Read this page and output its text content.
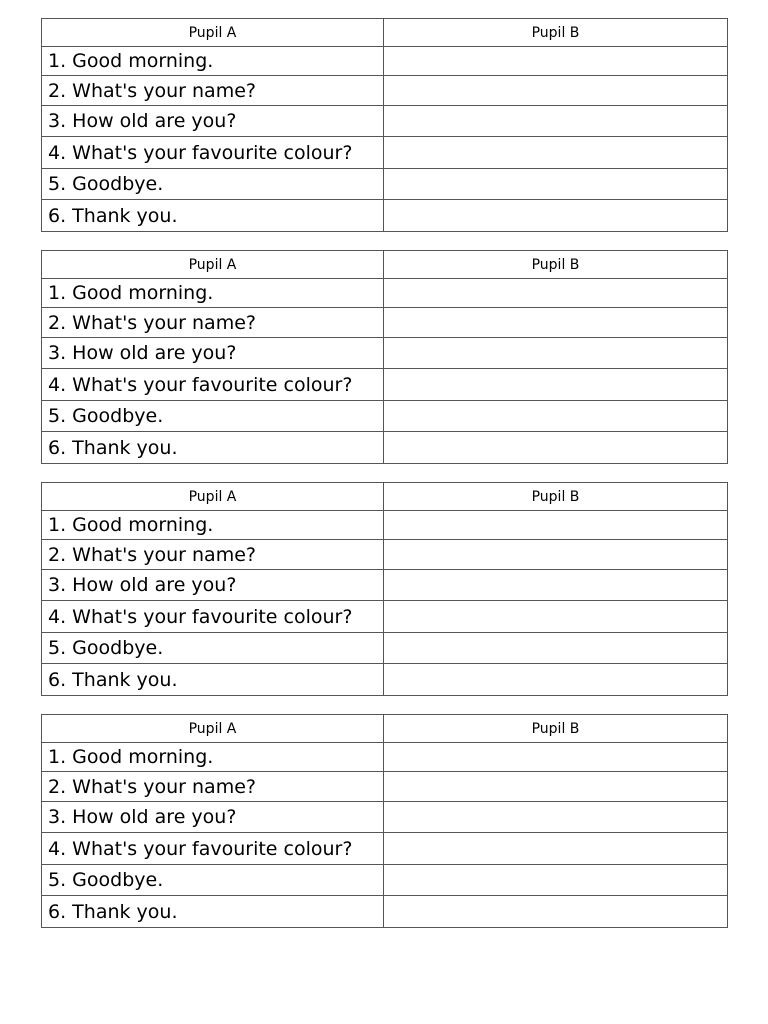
Pupil A	Pupil B
1. Good morning.	
2. What's your name?	
3. How old are you?	
4. What's your favourite colour?	
5. Goodbye.	
6. Thank you.	
Pupil A	Pupil B
1. Good morning.	
2. What's your name?	
3. How old are you?	
4. What's your favourite colour?	
5. Goodbye.	
6. Thank you.	
Pupil A	Pupil B
1. Good morning.	
2. What's your name?	
3. How old are you?	
4. What's your favourite colour?	
5. Goodbye.	
6. Thank you.	
Pupil A	Pupil B
1. Good morning.	
2. What's your name?	
3. How old are you?	
4. What's your favourite colour?	
5. Goodbye.	
6. Thank you.	
